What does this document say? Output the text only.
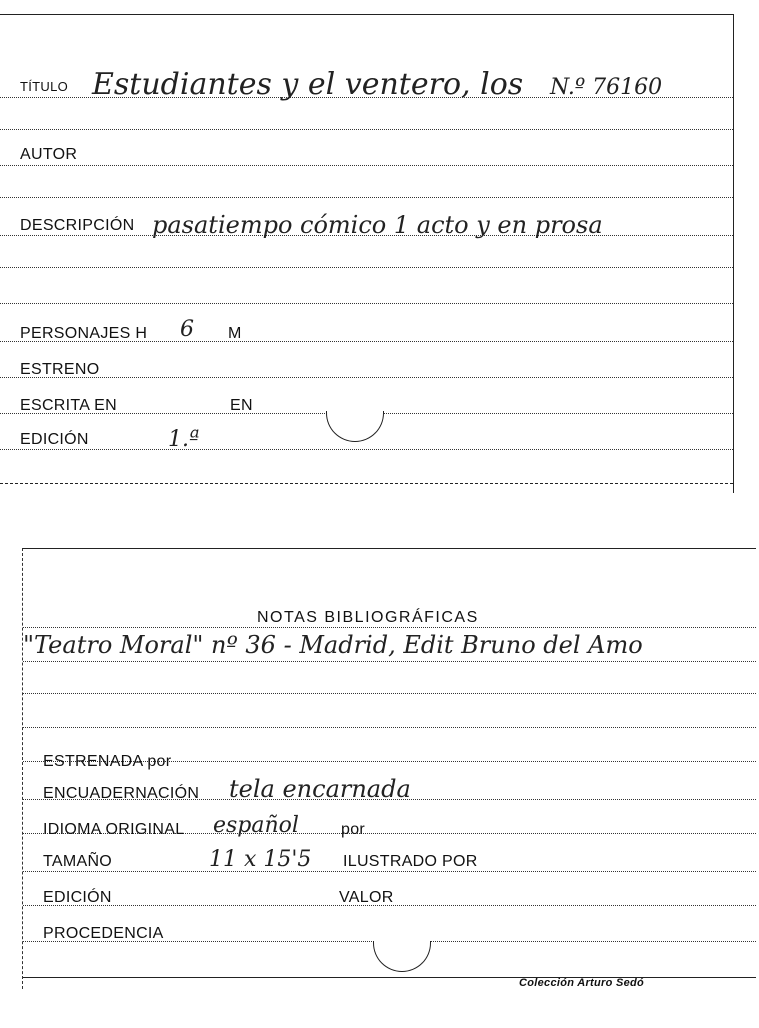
TÍTULO Estudiantes y el ventero, los N.º 76160
AUTOR
DESCRIPCIÓN pasatiempo cómico 1 acto y en prosa
PERSONAJES H 6 M
ESTRENO
ESCRITA EN	EN
EDICIÓN	1.ª
NOTAS BIBLIOGRÁFICAS
"Teatro Moral" nº 36 - Madrid, Edit Bruno del Amo
ESTRENADA por
ENCUADERNACIÓN tela encarnada
IDIOMA ORIGINAL español	por
TAMAÑO	11 x 15'5 ILUSTRADO POR
EDICIÓN	VALOR
PROCEDENCIA
Colección Arturo Sedó
